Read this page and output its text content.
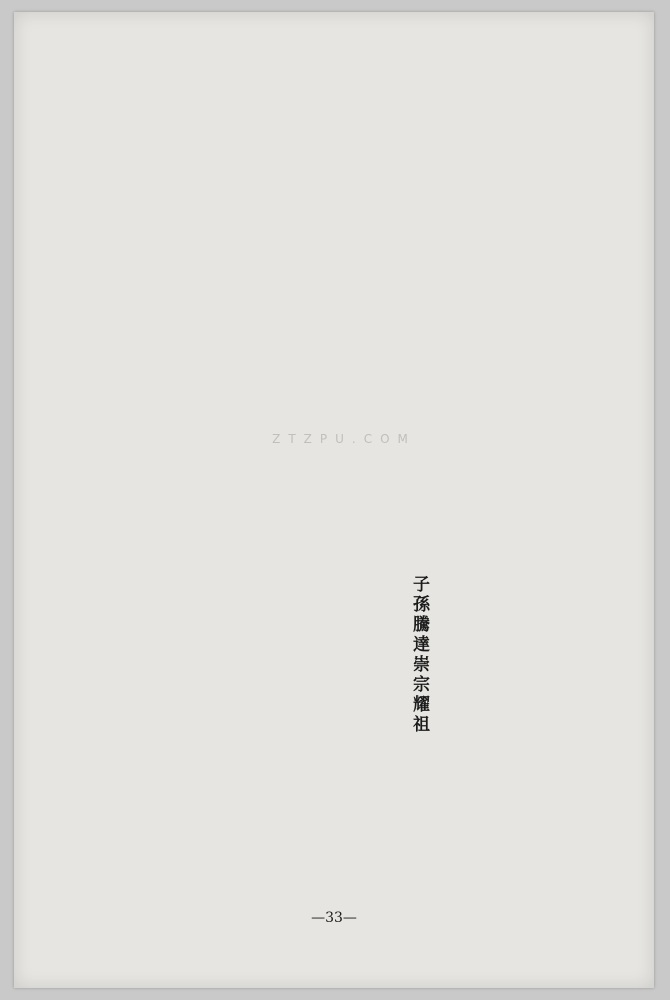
子孫騰達崇宗耀祖
ZTZPU.COM
—33—
